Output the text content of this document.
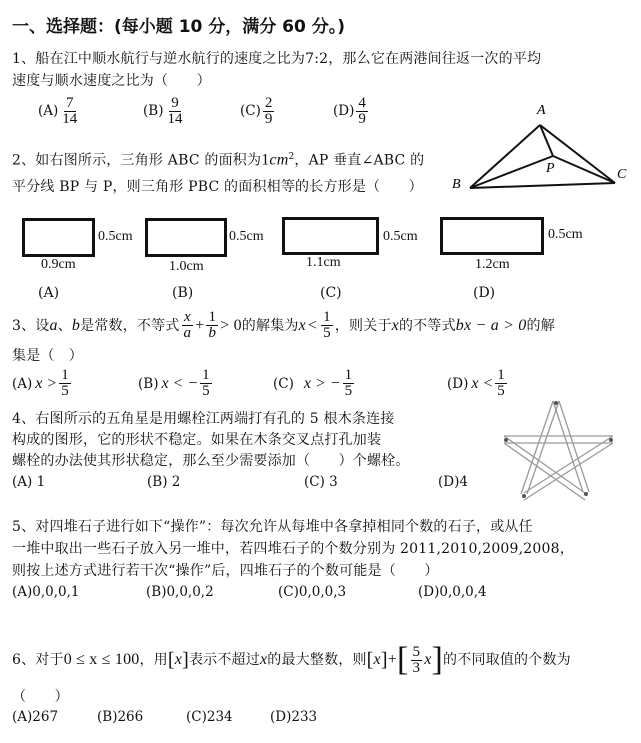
一、选择题：(每小题 10 分，满分 60 分。)
1、船在江中顺水航行与逆水航行的速度之比为7:2，那么它在两港间往返一次的平均
速度与顺水速度之比为（　　）
$(A) \frac{7}{14}$	$(B) \frac{9}{14}$	$(C) \frac{2}{9}$	$(D) \frac{4}{9}$
2、如右图所示，三角形 ABC 的面积为$1cm^2$，AP 垂直∠ABC 的
平分线 BP 与 P，则三角形 PBC 的面积相等的长方形是（　　）
A
B
C
P
0.5cm
0.9cm
(A)
0.5cm
1.0cm
(B)
0.5cm
1.1cm
(C)
0.5cm
1.2cm
(D)
3、设 a 、 b 是常数，不等式 $\frac{x}{a} + \frac{1}{b} > 0$ 的解集为 $x < \frac{1}{5}$ ，则关于 x 的不等式 bx − a > 0 的解
集是（　）
(A) $x > \frac{1}{5}$	(B) x < − $\frac{1}{5}$	(C) x > − $\frac{1}{5}$	(D) $x < \frac{1}{5}$
4、右图所示的五角星是用螺栓江两端打有孔的 5 根木条连接
构成的图形，它的形状不稳定。如果在木条交叉点打孔加装
螺栓的办法使其形状稳定，那么至少需要添加（　　）个螺栓。
(A) 1	(B) 2	(C) 3	(D)4
5、对四堆石子进行如下“操作”：每次允许从每堆中各拿掉相同个数的石子，或从任
一堆中取出一些石子放入另一堆中，若四堆石子的个数分别为 2011,2010,2009,2008，
则按上述方式进行若干次“操作”后，四堆石子的个数可能是（　　）
(A)0,0,0,1	(B)0,0,0,2	(C)0,0,0,3	(D)0,0,0,4
6、对于 0 ≤ x ≤ 100 ，用 [ x ] 表示不超过 x 的最大整数，则 [ x ] + [ $\frac{5}{3}$ x ] 的不同取值的个数为
（　　）
(A)267	(B)266	(C)234	(D)233
